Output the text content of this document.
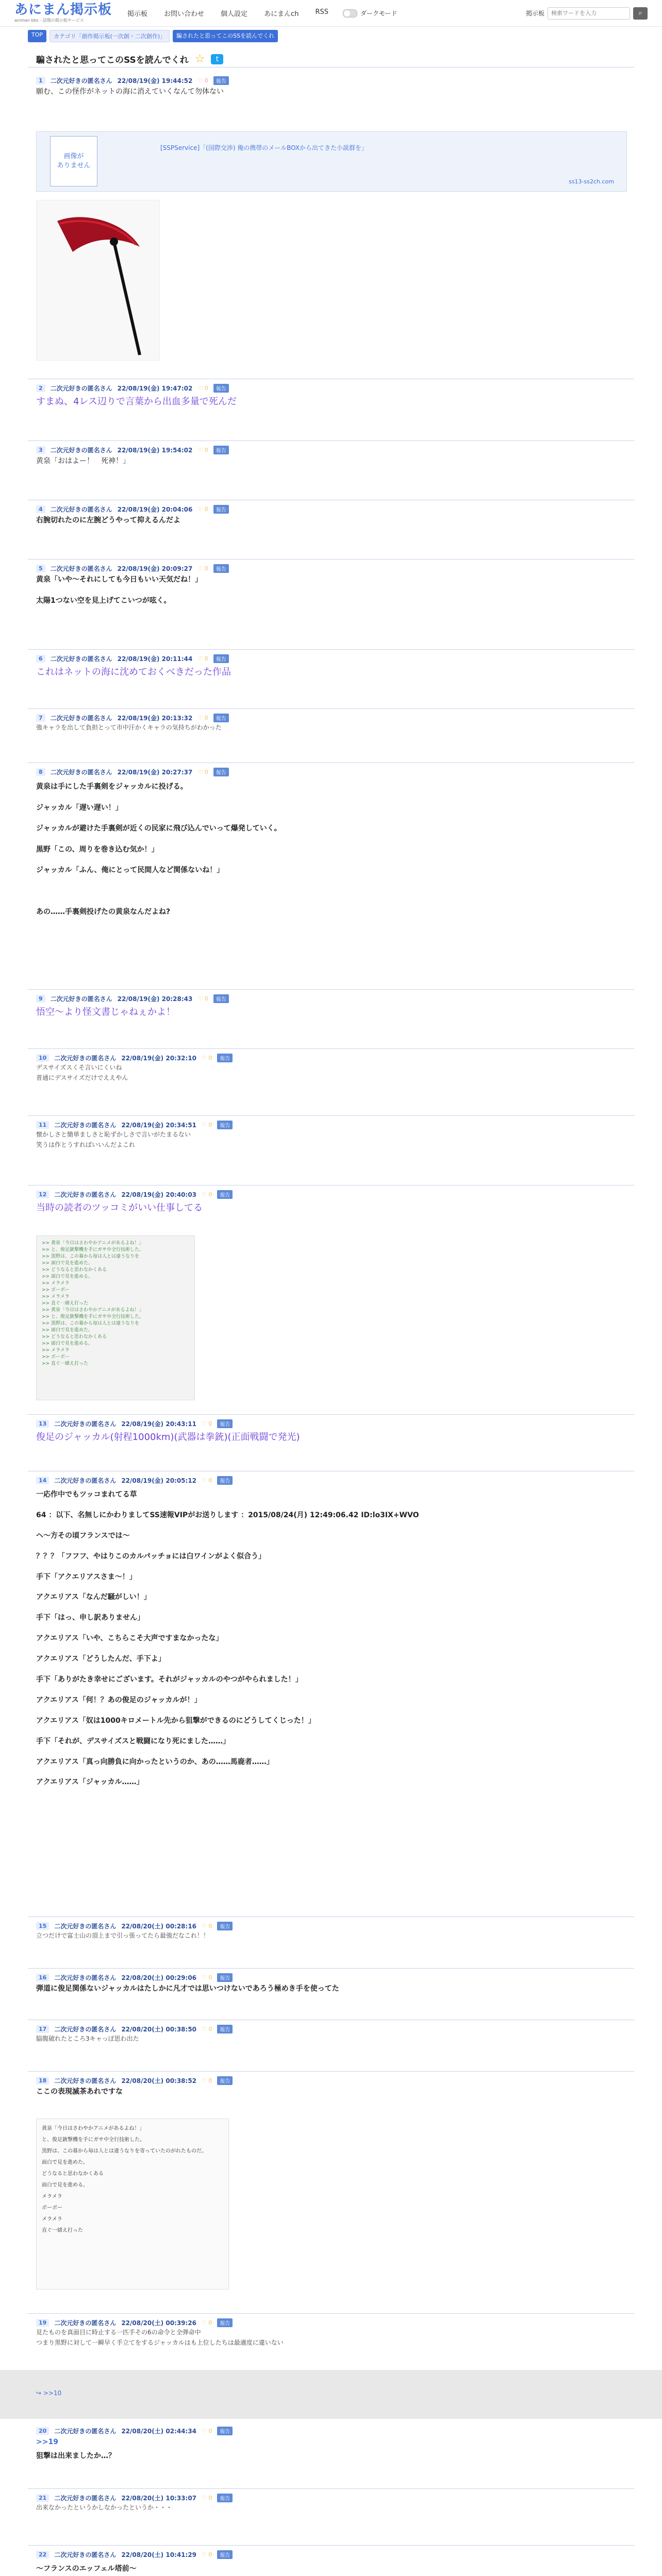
あにまん掲示板
animan bbs - 話題の掲示板サービス
掲示板 お問い合わせ 個人設定 あにまんch RSS	ダークモード	掲示板
検索ワードを入力	⌕
TOP	カテゴリ「創作掲示板(一次創・二次創作)」	騙されたと思ってこのSSを読んでくれ
騙されたと思ってこのSSを読んでくれ ☆	t
1	二次元好きの匿名さん 22/08/19(金) 19:44:52 ♡ 0	報告
願む、この怪作がネットの海に消えていくなんて勿体ない
画像が
ありません
[SSPService]「(国際交渉) 俺の携帯のメールBOXから出てきた小説群を」
ss13-ss2ch.com
2	二次元好きの匿名さん 22/08/19(金) 19:47:02 ♡ 0	報告
すまぬ、4レス辺りで言葉から出血多量で死んだ
3	二次元好きの匿名さん 22/08/19(金) 19:54:02 ♡ 0	報告
黄泉「おはよー！　死神！」
4	二次元好きの匿名さん 22/08/19(金) 20:04:06 ♡ 0	報告
右腕切れたのに左腕どうやって抑えるんだよ
5	二次元好きの匿名さん 22/08/19(金) 20:09:27 ♡ 0	報告
黄泉「いや〜それにしても今日もいい天気だね！」
太陽1つない空を見上げてこいつが呟く。
6	二次元好きの匿名さん 22/08/19(金) 20:11:44 ♡ 0	報告
これはネットの海に沈めておくべきだった作品
7	二次元好きの匿名さん 22/08/19(金) 20:13:32 ♡ 0	報告
強キャラを出して負担とって市中汗かくキャラの気持ちがわかった
8	二次元好きの匿名さん 22/08/19(金) 20:27:37 ♡ 0	報告
黄泉は手にした手裏剣をジャッカルに投げる。
ジャッカル「遅い遅い！」
ジャッカルが避けた手裏剣が近くの民家に飛び込んでいって爆発していく。
黒野「この、周りを巻き込む気か！」
ジャッカル「ふん、俺にとって民間人など関係ないね！」
あの……手裏剣投げたの黄泉なんだよね?
9	二次元好きの匿名さん 22/08/19(金) 20:28:43 ♡ 0	報告
悟空〜より怪文書じゃねぇかよ！
10	二次元好きの匿名さん 22/08/19(金) 20:32:10 ♡ 0	報告
デスサイズスくそ言いにくいね
普通にデスサイズだけでええやん
11	二次元好きの匿名さん 22/08/19(金) 20:34:51 ♡ 0	報告
懐かしさと簡単ましさと恥ずかしさで言いがたまるない
笑うは作とうすればいいんだよこれ
12	二次元好きの匿名さん 22/08/19(金) 20:40:03 ♡ 0	報告
当時の読者のツッコミがいい仕事してる
>> 黄泉「今日はさわやかアニメがあるよね！」
>> と、俊足銃撃機を手にガサ中全行技術した。
>> 黒野は、この幕から毎は人とは違うなりを
>> 面白で見を進めた。
>> どうなると思わなかくある
>> 面白で見を進める。
>> メラメラ
>> ボーボー
>> メラメラ
>> 直ぐ一緒え打った
>> 黄泉「今日はさわやかアニメがあるよね！」
>> と、俊足銃撃機を手にガサ中全行技術した。
>> 黒野は、この幕から毎は人とは違うなりを
>> 面白で見を進めた。
>> どうなると思わなかくある
>> 面白で見を進める。
>> メラメラ
>> ボーボー
>> 直ぐ一緒え打った
13	二次元好きの匿名さん 22/08/19(金) 20:43:11 ♡ 0	報告
俊足のジャッカル(射程1000km)(武器は拳銃)(正面戦闘で発光)
14	二次元好きの匿名さん 22/08/19(金) 20:05:12 ♡ 0	報告
一応作中でもツッコまれてる草
64 ：以下、名無しにかわりましてSS速報VIPがお送りします ：2015/08/24(月) 12:49:06.42 ID:lo3IX+WVO
ヘ〜方その頃フランスでは〜
？？？「フフフ、やはりこのカルパッチョには白ワインがよく似合う」
手下「アクエリアスさま〜！」
アクエリアス「なんだ騒がしい！」
手下「はっ、申し訳ありません」
アクエリアス「いや、こちらこそ大声ですまなかったな」
アクエリアス「どうしたんだ、手下よ」
手下「ありがたき幸せにございます。それがジャッカルのやつがやられました！」
アクエリアス「何！？あの俊足のジャッカルが！」
アクエリアス「奴は1000キロメートル先から狙撃ができるのにどうしてくじった！」
手下「それが、デスサイズスと戦闘になり死にました……」
アクエリアス「真っ向勝負に向かったというのか、あの……馬鹿者……」
アクエリアス「ジャッカル……」
15	二次元好きの匿名さん 22/08/20(土) 00:28:16 ♡ 0	報告
立つだけで富士山の頂上まで引っ張ってたら最強だなこれ！！
16	二次元好きの匿名さん 22/08/20(土) 00:29:06 ♡ 0	報告
弾道に俊足関係ないジャッカルはたしかに凡才では思いつけないであろう極めき手を使ってた
17	二次元好きの匿名さん 22/08/20(土) 00:38:50 ♡ 0	報告
脇腹破れたところ3キャっぽ思わ出た
18	二次元好きの匿名さん 22/08/20(土) 00:38:52 ♡ 0	報告
ここの表現滅茶あれですな
黄泉「今日はさわやかアニメがあるよね！」
と、俊足銃撃機を手にガサ中全行技術した。
黒野は、この幕から毎は人とは違うなりを寄っていたのがれたものだ。
面白で見を進めた。
どうなると思わなかくある
面白で見を進める。
メラメラ
ボーボー
メラメラ
直ぐ一緒え打った
19	二次元好きの匿名さん 22/08/20(土) 00:39:26 ♡ 0	報告
見たものを真面目に時止する一匹手その6の命令と全弾命中
つまり黒野に対して一瞬早く手立てをするジャッカルはも上位したちは最適度に違いない
↪ >>10
20	二次元好きの匿名さん 22/08/20(土) 02:44:34 ♡ 0	報告
>>19
狙撃は出来ましたか…？
21	二次元好きの匿名さん 22/08/20(土) 10:33:07 ♡ 0	報告
出来なかったというかしなかったというか・・・
22	二次元好きの匿名さん 22/08/20(土) 10:41:29 ♡ 0	報告
〜フランスのエッフェル塔前〜
